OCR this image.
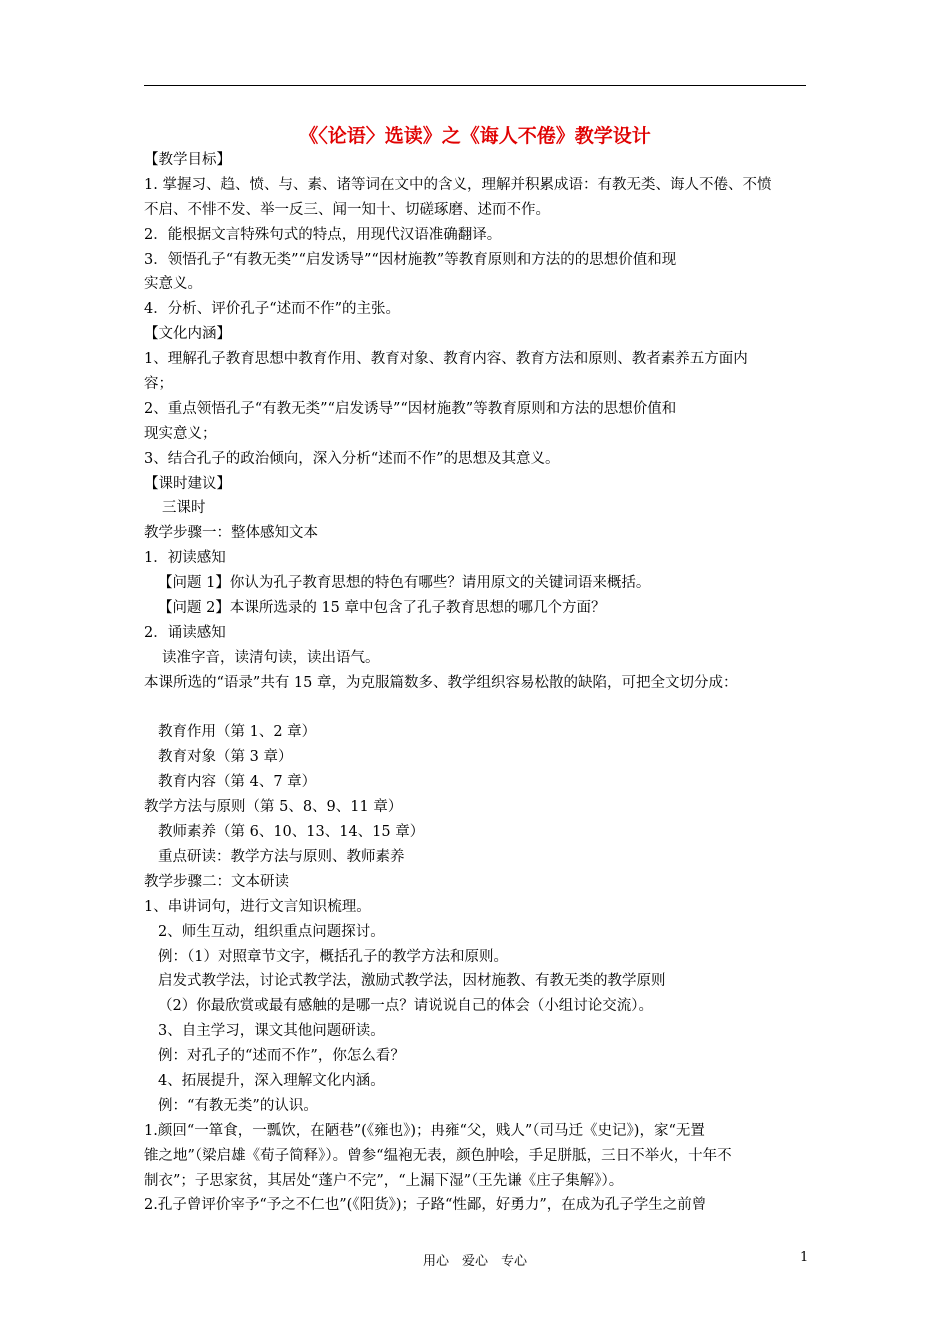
《〈论语〉选读》之《诲人不倦》教学设计
【教学目标】
1. 掌握习、趋、愤、与、素、诸等词在文中的含义，理解并积累成语：有教无类、诲人不倦、不愤
不启、不悱不发、举一反三、闻一知十、切磋琢磨、述而不作。
2．能根据文言特殊句式的特点，用现代汉语准确翻译。
3．领悟孔子“有教无类”“启发诱导”“因材施教”等教育原则和方法的的思想价值和现
实意义。
4．分析、评价孔子“述而不作”的主张。
【文化内涵】
1、理解孔子教育思想中教育作用、教育对象、教育内容、教育方法和原则、教者素养五方面内
容；
2、重点领悟孔子“有教无类”“启发诱导”“因材施教”等教育原则和方法的思想价值和
现实意义；
3、结合孔子的政治倾向，深入分析“述而不作”的思想及其意义。
【课时建议】
三课时
教学步骤一：整体感知文本
1．初读感知
【问题 1】你认为孔子教育思想的特色有哪些？请用原文的关键词语来概括。
【问题 2】本课所选录的 15 章中包含了孔子教育思想的哪几个方面？
2．诵读感知
读准字音，读清句读，读出语气。
本课所选的“语录”共有 15 章，为克服篇数多、教学组织容易松散的缺陷，可把全文切分成：
教育作用（第 1、2 章）
教育对象（第 3 章）
教育内容（第 4、7 章）
教学方法与原则（第 5、8、9、11 章）
教师素养（第 6、10、13、14、15 章）
重点研读：教学方法与原则、教师素养
教学步骤二：文本研读
1、串讲词句，进行文言知识梳理。
2、师生互动，组织重点问题探讨。
例：（1）对照章节文字，概括孔子的教学方法和原则。
启发式教学法，讨论式教学法，激励式教学法，因材施教、有教无类的教学原则
（2）你最欣赏或最有感触的是哪一点？请说说自己的体会（小组讨论交流）。
3、自主学习，课文其他问题研读。
例：对孔子的“述而不作”，你怎么看？
4、拓展提升，深入理解文化内涵。
例：“有教无类”的认识。
1.颜回“一箪食，一瓢饮，在陋巷”(《雍也》)；冉雍“父，贱人”（司马迁《史记》)，家“无置
锥之地”（梁启雄《荀子简释》）。曾参“缊袍无表，颜色肿哙，手足胼胝，三日不举火，十年不
制衣”；子思家贫，其居处“蓬户不完”，“上漏下湿”（王先谦《庄子集解》）。
2.孔子曾评价宰予“予之不仁也”(《阳货》)；子路“性鄙，好勇力”，在成为孔子学生之前曾
用心　爱心　专心	1
